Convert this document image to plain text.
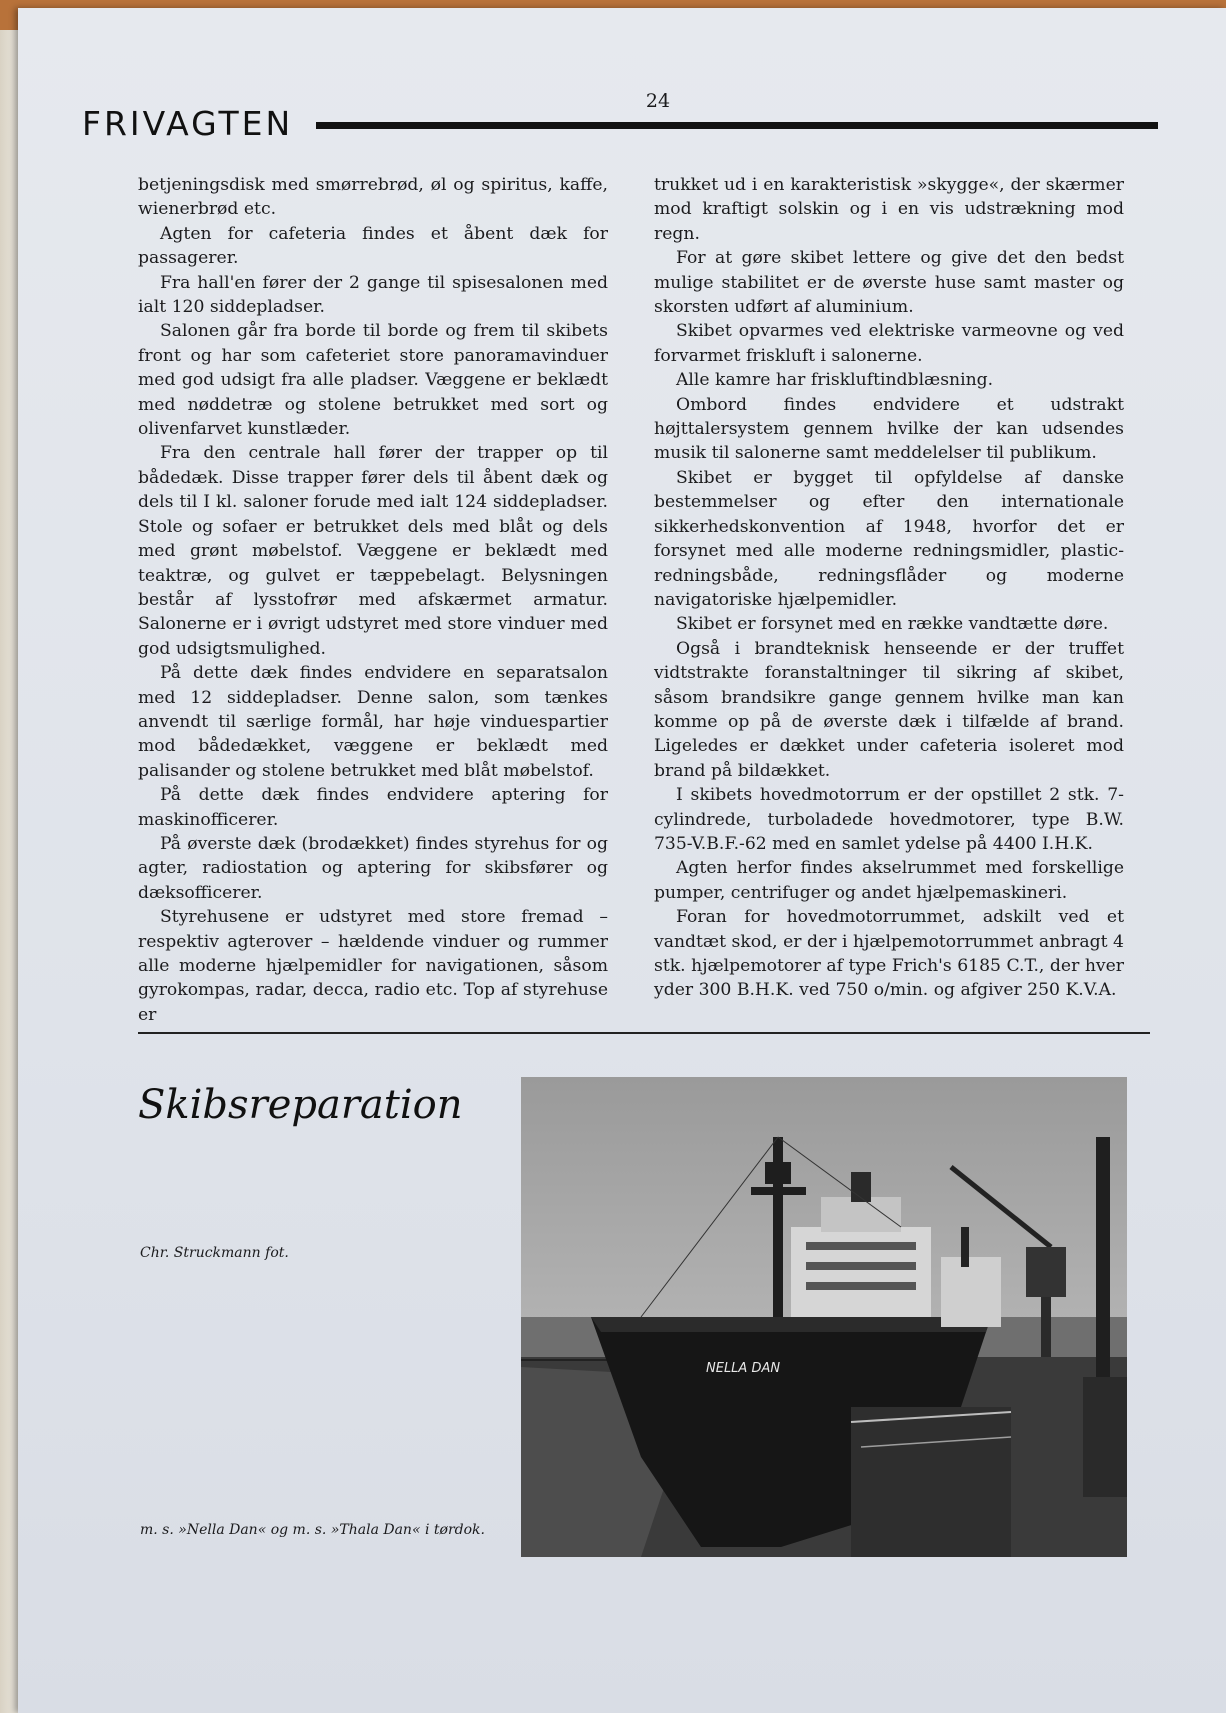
24
FRIVAGTEN

betjeningsdisk med smørrebrød, øl og spiritus, kaffe, wienerbrød etc.

Agten for cafeteria findes et åbent dæk for passagerer.

Fra hall'en fører der 2 gange til spisesalonen med ialt 120 siddepladser.

Salonen går fra borde til borde og frem til skibets front og har som cafeteriet store panoramavinduer med god udsigt fra alle pladser. Væggene er beklædt med nøddetræ og stolene betrukket med sort og olivenfarvet kunstlæder.

Fra den centrale hall fører der trapper op til bådedæk. Disse trapper fører dels til åbent dæk og dels til I kl. saloner forude med ialt 124 siddepladser. Stole og sofaer er betrukket dels med blåt og dels med grønt møbelstof. Væggene er beklædt med teaktræ, og gulvet er tæppebelagt. Belysningen består af lysstofrør med afskærmet armatur. Salonerne er i øvrigt udstyret med store vinduer med god udsigtsmulighed.

På dette dæk findes endvidere en separatsalon med 12 siddepladser. Denne salon, som tænkes anvendt til særlige formål, har høje vinduespartier mod bådedækket, væggene er beklædt med palisander og stolene betrukket med blåt møbelstof.

På dette dæk findes endvidere aptering for maskinofficerer.

På øverste dæk (brodækket) findes styrehus for og agter, radiostation og aptering for skibsfører og dæksofficerer.

Styrehusene er udstyret med store fremad – respektiv agterover – hældende vinduer og rummer alle moderne hjælpemidler for navigationen, såsom gyrokompas, radar, decca, radio etc. Top af styrehuse er

trukket ud i en karakteristisk »skygge«, der skærmer mod kraftigt solskin og i en vis udstrækning mod regn.

For at gøre skibet lettere og give det den bedst mulige stabilitet er de øverste huse samt master og skorsten udført af aluminium.

Skibet opvarmes ved elektriske varmeovne og ved forvarmet friskluft i salonerne.

Alle kamre har friskluftindblæsning.

Ombord findes endvidere et udstrakt højttalersystem gennem hvilke der kan udsendes musik til salonerne samt meddelelser til publikum.

Skibet er bygget til opfyldelse af danske bestemmelser og efter den internationale sikkerhedskonvention af 1948, hvorfor det er forsynet med alle moderne redningsmidler, plastic-redningsbåde, redningsflåder og moderne navigatoriske hjælpemidler.

Skibet er forsynet med en række vandtætte døre.

Også i brandteknisk henseende er der truffet vidtstrakte foranstaltninger til sikring af skibet, såsom brandsikre gange gennem hvilke man kan komme op på de øverste dæk i tilfælde af brand. Ligeledes er dækket under cafeteria isoleret mod brand på bildækket.

I skibets hovedmotorrum er der opstillet 2 stk. 7-cylindrede, turboladede hovedmotorer, type B.W. 735-V.B.F.-62 med en samlet ydelse på 4400 I.H.K.

Agten herfor findes akselrummet med forskellige pumper, centrifuger og andet hjælpemaskineri.

Foran for hovedmotorrummet, adskilt ved et vandtæt skod, er der i hjælpemotorrummet anbragt 4 stk. hjælpemotorer af type Frich's 6185 C.T., der hver yder 300 B.H.K. ved 750 o/min. og afgiver 250 K.V.A.

Skibsreparation
Chr. Struckmann fot.
m. s. »Nella Dan« og m. s. »Thala Dan« i tørdok.
NELLA DAN
